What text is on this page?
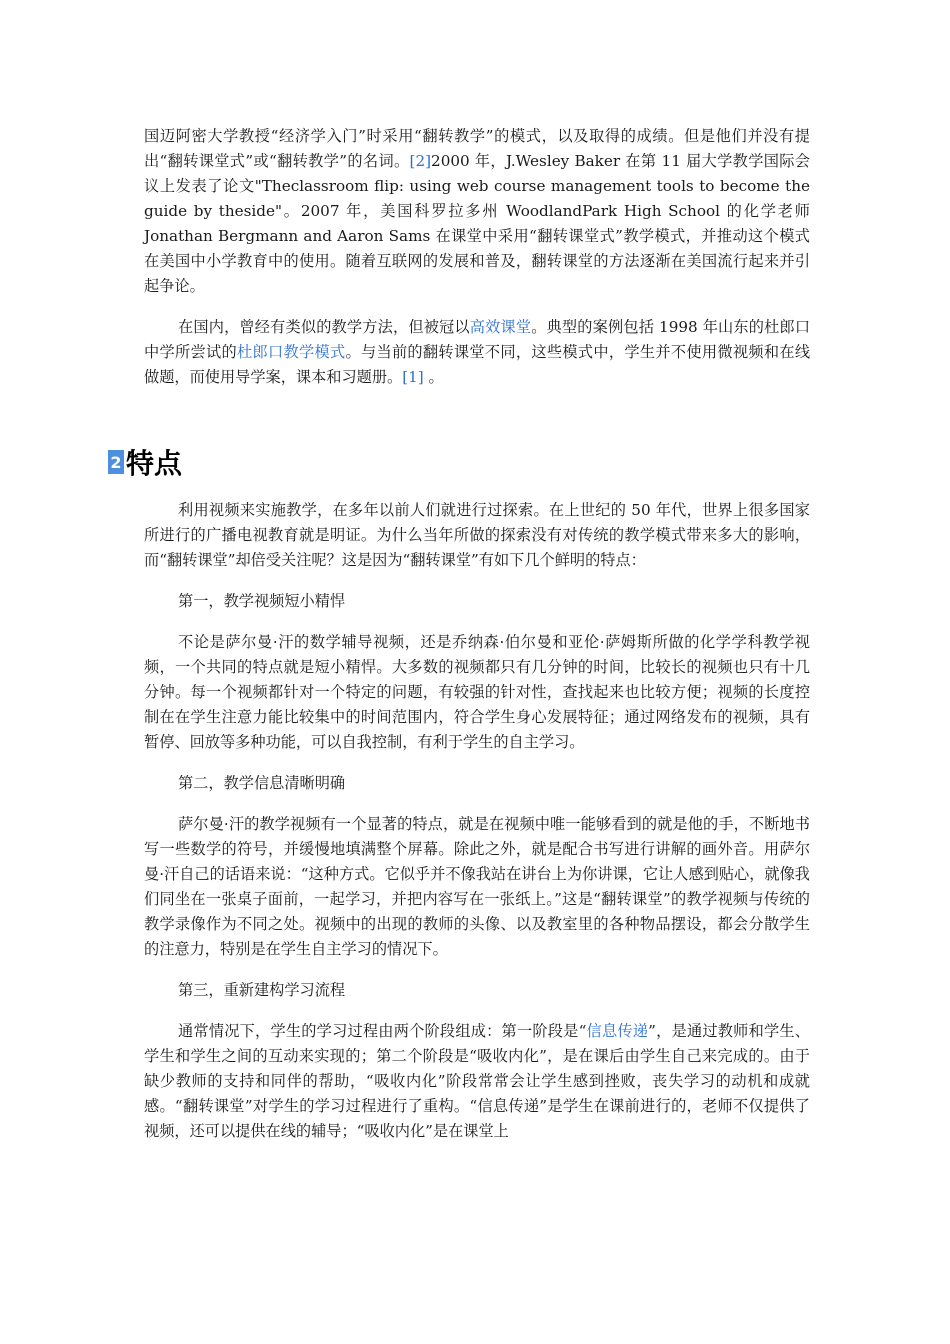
国迈阿密大学教授“经济学入门”时采用“翻转教学”的模式，以及取得的成绩。但是他们并没有提出“翻转课堂式”或“翻转教学”的名词。[2]2000 年，J.Wesley Baker 在第 11 届大学教学国际会议上发表了论文"Theclassroom flip: using web course management tools to become the guide by theside"。2007 年，美国科罗拉多州 WoodlandPark High School 的化学老师 Jonathan Bergmann and Aaron Sams 在课堂中采用“翻转课堂式”教学模式，并推动这个模式在美国中小学教育中的使用。随着互联网的发展和普及，翻转课堂的方法逐渐在美国流行起来并引起争论。

在国内，曾经有类似的教学方法，但被冠以高效课堂。典型的案例包括 1998 年山东的杜郎口中学所尝试的杜郎口教学模式。与当前的翻转课堂不同，这些模式中，学生并不使用微视频和在线做题，而使用导学案，课本和习题册。[1] 。

2 特点

利用视频来实施教学，在多年以前人们就进行过探索。在上世纪的 50 年代，世界上很多国家所进行的广播电视教育就是明证。为什么当年所做的探索没有对传统的教学模式带来多大的影响，而“翻转课堂”却倍受关注呢？这是因为“翻转课堂”有如下几个鲜明的特点：

第一，教学视频短小精悍

不论是萨尔曼·汗的数学辅导视频，还是乔纳森·伯尔曼和亚伦·萨姆斯所做的化学学科教学视频，一个共同的特点就是短小精悍。大多数的视频都只有几分钟的时间，比较长的视频也只有十几分钟。每一个视频都针对一个特定的问题，有较强的针对性，查找起来也比较方便；视频的长度控制在在学生注意力能比较集中的时间范围内，符合学生身心发展特征；通过网络发布的视频，具有暂停、回放等多种功能，可以自我控制，有利于学生的自主学习。

第二，教学信息清晰明确

萨尔曼·汗的教学视频有一个显著的特点，就是在视频中唯一能够看到的就是他的手，不断地书写一些数学的符号，并缓慢地填满整个屏幕。除此之外，就是配合书写进行讲解的画外音。用萨尔曼·汗自己的话语来说：“这种方式。它似乎并不像我站在讲台上为你讲课，它让人感到贴心，就像我们同坐在一张桌子面前，一起学习，并把内容写在一张纸上。”这是“翻转课堂”的教学视频与传统的教学录像作为不同之处。视频中的出现的教师的头像、以及教室里的各种物品摆设，都会分散学生的注意力，特别是在学生自主学习的情况下。

第三，重新建构学习流程

通常情况下，学生的学习过程由两个阶段组成：第一阶段是“信息传递”，是通过教师和学生、学生和学生之间的互动来实现的；第二个阶段是“吸收内化”，是在课后由学生自己来完成的。由于缺少教师的支持和同伴的帮助，“吸收内化”阶段常常会让学生感到挫败，丧失学习的动机和成就感。“翻转课堂”对学生的学习过程进行了重构。“信息传递”是学生在课前进行的，老师不仅提供了视频，还可以提供在线的辅导；“吸收内化”是在课堂上
